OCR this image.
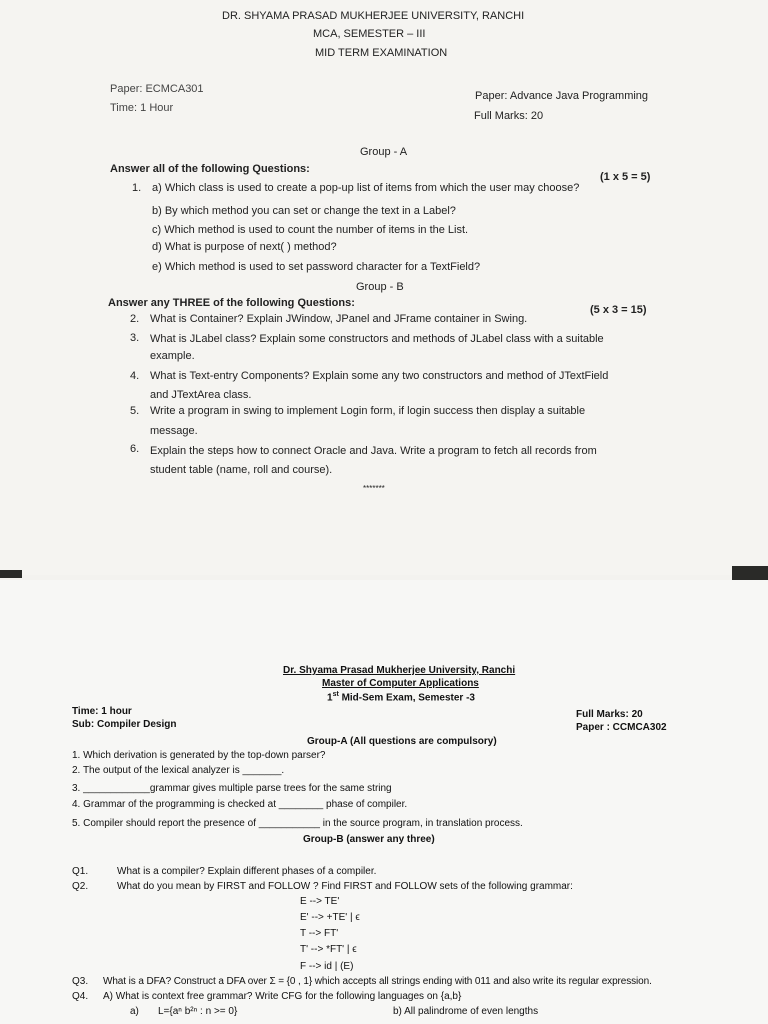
DR. SHYAMA PRASAD MUKHERJEE UNIVERSITY, RANCHI
MCA, SEMESTER – III
MID TERM EXAMINATION
Paper: ECMCA301
Time: 1 Hour
Paper: Advance Java Programming
Full Marks: 20
Group - A
Answer all of the following Questions:
(1 x 5 = 5)
1. a) Which class is used to create a pop-up list of items from which the user may choose?
b) By which method you can set or change the text in a Label?
c) Which method is used to count the number of items in the List.
d) What is purpose of next( ) method?
e) Which method is used to set password character for a TextField?
Group - B
Answer any THREE of the following Questions:
(5 x 3 = 15)
2. What is Container? Explain JWindow, JPanel and JFrame container in Swing.
3. What is JLabel class? Explain some constructors and methods of JLabel class with a suitable
example.
4. What is Text-entry Components? Explain some any two constructors and method of JTextField
and JTextArea class.
5. Write a program in swing to implement Login form, if login success then display a suitable
message.
6. Explain the steps how to connect Oracle and Java. Write a program to fetch all records from
student table (name, roll and course).
*******
Dr. Shyama Prasad Mukherjee University, Ranchi
Master of Computer Applications
1st Mid-Sem Exam, Semester -3
Time: 1 hour
Sub: Compiler Design
Full Marks: 20
Paper : CCMCA302
Group-A (All questions are compulsory)
1. Which derivation is generated by the top-down parser?
2. The output of the lexical analyzer is _______.
3. ____________grammar gives multiple parse trees for the same string
4. Grammar of the programming is checked at ________ phase of compiler.
5. Compiler should report the presence of ___________ in the source program, in translation process.
Group-B (answer any three)
Q1.	What is a compiler? Explain different phases of a compiler.
Q2.	What do you mean by FIRST and FOLLOW ? Find FIRST and FOLLOW sets of the following grammar:
E --> TE'
E' --> +TE' | ϵ
T --> FT'
T' --> *FT' | ϵ
F --> id | (E)
Q3. What is a DFA? Construct a DFA over Σ = {0 , 1} which accepts all strings ending with 011 and also write its regular expression.
Q4. A) What is context free grammar? Write CFG for the following languages on {a,b}
a) L={aⁿ b²ⁿ : n >= 0}	b) All palindrome of even lengths
